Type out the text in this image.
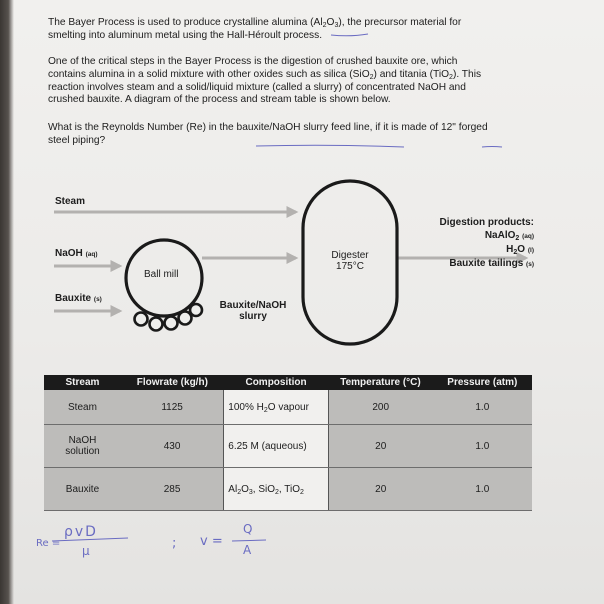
The Bayer Process is used to produce crystalline alumina $(Al_2O_3)$, the precursor material for
smelting into aluminum metal using the Hall-Héroult process.
One of the critical steps in the Bayer Process is the digestion of crushed bauxite ore, which
contains alumina in a solid mixture with other oxides such as silica (SiO$_2$) and titania (TiO$_2$). This
reaction involves steam and a solid/liquid mixture (called a slurry) of concentrated NaOH and
crushed bauxite. A diagram of the process and stream table is shown below.
What is the Reynolds Number (Re) in the bauxite/NaOH slurry feed line, if it is made of 12" forged
steel piping?
Steam
NaOH (aq)
Bauxite (s)
Ball mill
Bauxite/NaOH
slurry
Digester
175°C
Digestion products:
NaAlO$_2$ (aq)
$H_2O$ (l)
Bauxite tailings (s)
Stream	Flowrate (kg/h)	Composition	Temperature (°C)	Pressure (atm)
Steam	1125	100% $H_2O$ vapour	200	1.0

NaOH
solution	430	6.25 M (aqueous)	20	1.0
Bauxite	285	$Al_2O_3$, SiO$_2$, TiO$_2$	20	1.0
Re =
ρvD
μ	; v =
Q
A
